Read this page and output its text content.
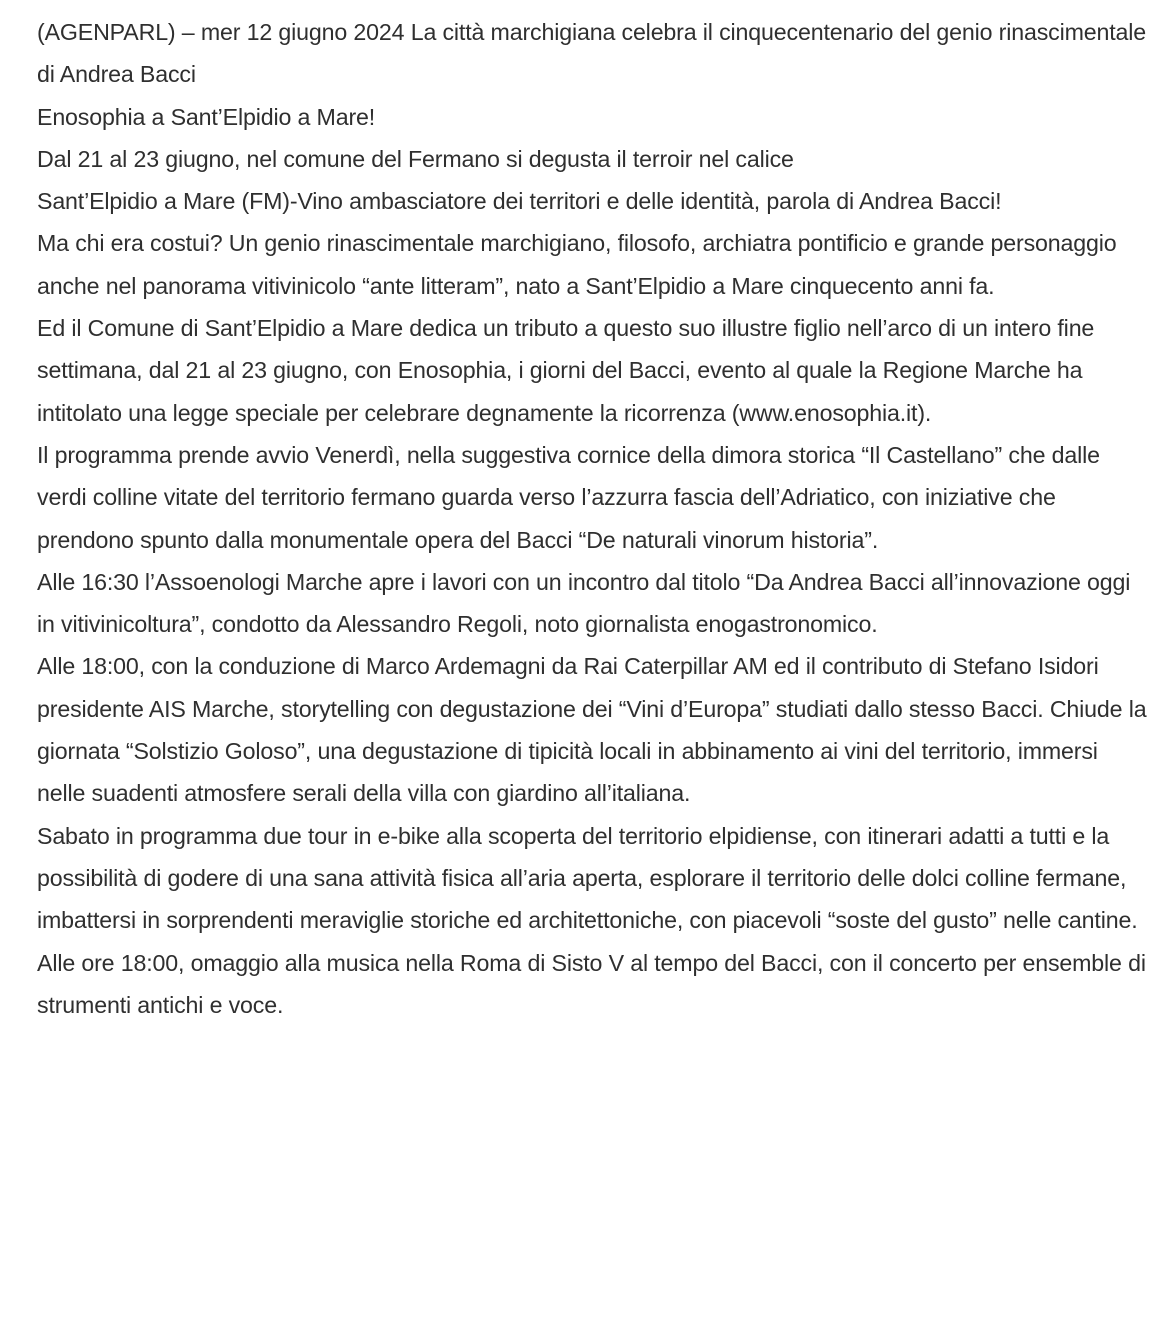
(AGENPARL) – mer 12 giugno 2024 La città marchigiana celebra il cinquecentenario del genio rinascimentale di Andrea Bacci

Enosophia a Sant’Elpidio a Mare!

Dal 21 al 23 giugno, nel comune del Fermano si degusta il terroir nel calice

Sant’Elpidio a Mare (FM)-Vino ambasciatore dei territori e delle identità, parola di Andrea Bacci!

Ma chi era costui? Un genio rinascimentale marchigiano, filosofo, archiatra pontificio e grande personaggio anche nel panorama vitivinicolo “ante litteram”, nato a Sant’Elpidio a Mare cinquecento anni fa.

Ed il Comune di Sant’Elpidio a Mare dedica un tributo a questo suo illustre figlio nell’arco di un intero fine settimana, dal 21 al 23 giugno, con Enosophia, i giorni del Bacci, evento al quale la Regione Marche ha intitolato una legge speciale per celebrare degnamente la ricorrenza (www.enosophia.it).

Il programma prende avvio Venerdì, nella suggestiva cornice della dimora storica “Il Castellano” che dalle verdi colline vitate del territorio fermano guarda verso l’azzurra fascia dell’Adriatico, con iniziative che prendono spunto dalla monumentale opera del Bacci “De naturali vinorum historia”.

Alle 16:30 l’Assoenologi Marche apre i lavori con un incontro dal titolo “Da Andrea Bacci all’innovazione oggi in vitivinicoltura”, condotto da Alessandro Regoli, noto giornalista enogastronomico.

Alle 18:00, con la conduzione di Marco Ardemagni da Rai Caterpillar AM ed il contributo di Stefano Isidori presidente AIS Marche, storytelling con degustazione dei “Vini d’Europa” studiati dallo stesso Bacci. Chiude la giornata “Solstizio Goloso”, una degustazione di tipicità locali in abbinamento ai vini del territorio, immersi nelle suadenti atmosfere serali della villa con giardino all’italiana.

Sabato in programma due tour in e-bike alla scoperta del territorio elpidiense, con itinerari adatti a tutti e la possibilità di godere di una sana attività fisica all’aria aperta, esplorare il territorio delle dolci colline fermane, imbattersi in sorprendenti meraviglie storiche ed architettoniche, con piacevoli “soste del gusto” nelle cantine. Alle ore 18:00, omaggio alla musica nella Roma di Sisto V al tempo del Bacci, con il concerto per ensemble di strumenti antichi e voce.
